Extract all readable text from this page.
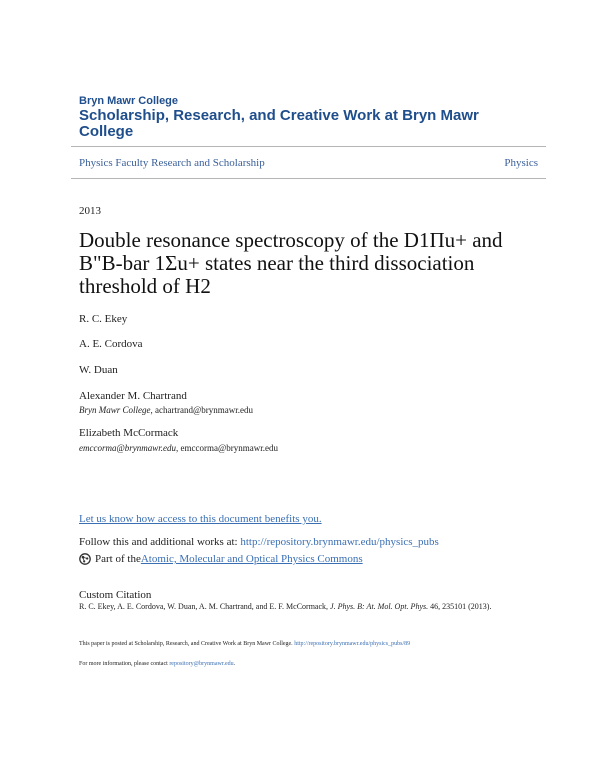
Bryn Mawr College
Scholarship, Research, and Creative Work at Bryn Mawr College
Physics Faculty Research and Scholarship	Physics
2013
Double resonance spectroscopy of the D1Πu+ and B"B-bar 1Σu+ states near the third dissociation threshold of H2
R. C. Ekey
A. E. Cordova
W. Duan
Alexander M. Chartrand
Bryn Mawr College, achartrand@brynmawr.edu
Elizabeth McCormack
emccorma@brynmawr.edu, emccorma@brynmawr.edu
Let us know how access to this document benefits you.
Follow this and additional works at: http://repository.brynmawr.edu/physics_pubs
Part of the Atomic, Molecular and Optical Physics Commons
Custom Citation
R. C. Ekey, A. E. Cordova, W. Duan, A. M. Chartrand, and E. F. McCormack, J. Phys. B: At. Mol. Opt. Phys. 46, 235101 (2013).
This paper is posted at Scholarship, Research, and Creative Work at Bryn Mawr College. http://repository.brynmawr.edu/physics_pubs/89
For more information, please contact repository@brynmawr.edu.
